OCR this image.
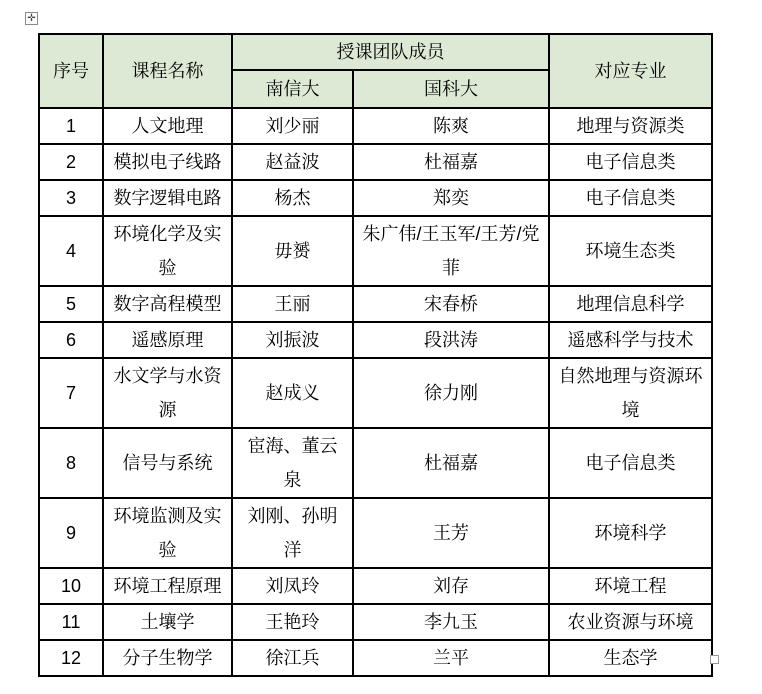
✛
序号	课程名称	授课团队成员		对应专业
		南信大	国科大	
1	人文地理	刘少丽	陈爽	地理与资源类
2	模拟电子线路	赵益波	杜福嘉	电子信息类
3	数字逻辑电路	杨杰	郑奕	电子信息类
4	环境化学及实验	毋赟	朱广伟/王玉军/王芳/党菲	环境生态类
5	数字高程模型	王丽	宋春桥	地理信息科学
6	遥感原理	刘振波	段洪涛	遥感科学与技术
7	水文学与水资源	赵成义	徐力刚	自然地理与资源环境
8	信号与系统	宦海、董云泉	杜福嘉	电子信息类
9	环境监测及实验	刘刚、孙明洋	王芳	环境科学
10	环境工程原理	刘凤玲	刘存	环境工程
11	土壤学	王艳玲	李九玉	农业资源与环境
12	分子生物学	徐江兵	兰平	生态学
